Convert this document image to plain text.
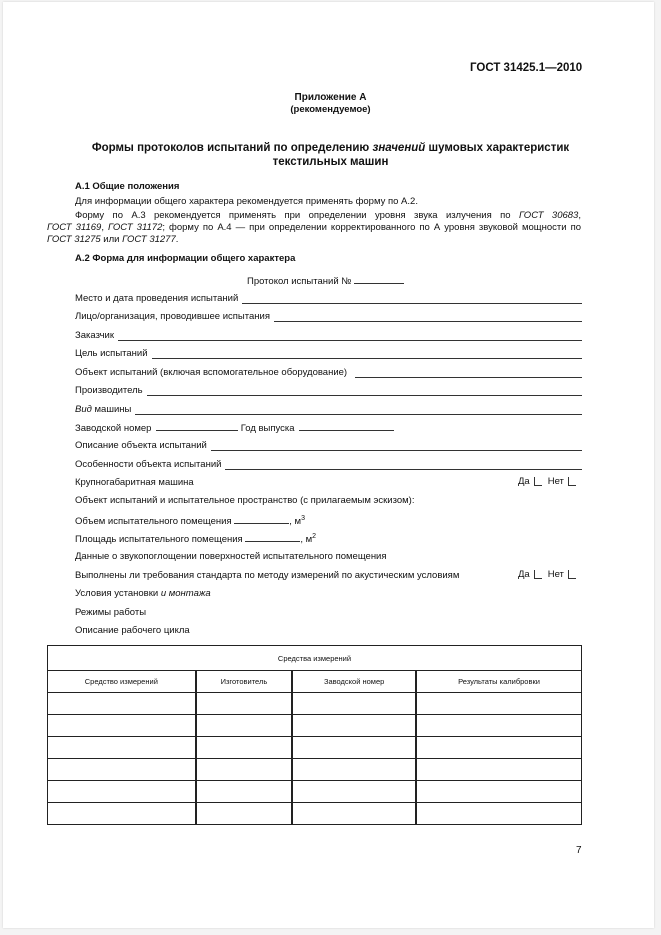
ГОСТ 31425.1—2010
Приложение А
(рекомендуемое)
Формы протоколов испытаний по определению значений шумовых характеристик
текстильных машин
А.1 Общие положения
Для информации общего характера рекомендуется применять форму по А.2.
Форму по А.3 рекомендуется применять при определении уровня звука излучения по ГОСТ 30683,
ГОСТ 31169, ГОСТ 31172; форму по А.4 — при определении корректированного по А уровня звуковой мощности по
ГОСТ 31275 или ГОСТ 31277.
А.2 Форма для информации общего характера
Протокол испытаний №
Место и дата проведения испытаний
Лицо/организация, проводившее испытания
Заказчик
Цель испытаний
Объект испытаний (включая вспомогательное оборудование)
Производитель
Вид машины
Заводской номер	Год выпуска
Описание объекта испытаний
Особенности объекта испытаний
Крупногабаритная машина	Да Нет
Объект испытаний и испытательное пространство (с прилагаемым эскизом):
Объем испытательного помещения	, $м^3$
Площадь испытательного помещения	, $м^2$
Данные о звукопоглощении поверхностей испытательного помещения
Выполнены ли требования стандарта по методу измерений по акустическим условиям	Да Нет
Условия установки и монтажа
Режимы работы
Описание рабочего цикла
Средства измерений			
Средство измерений	Изготовитель	Заводской номер	Результаты калибровки

7
